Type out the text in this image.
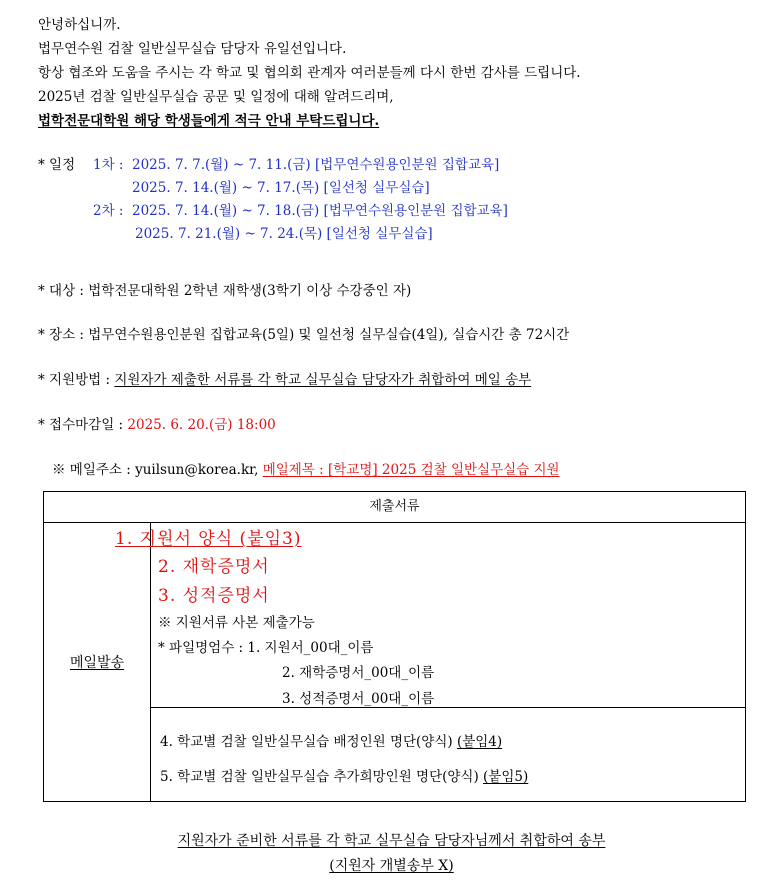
안녕하십니까.
법무연수원 검찰 일반실무실습 담당자 유일선입니다.
항상 협조와 도움을 주시는 각 학교 및 협의회 관계자 여러분들께 다시 한번 감사를 드립니다.
2025년 검찰 일반실무실습 공문 및 일정에 대해 알려드리며,
법학전문대학원 해당 학생들에게 적극 안내 부탁드립니다.
* 일정 1차 : 2025. 7. 7.(월) ~ 7. 11.(금) [법무연수원용인분원 집합교육]
2025. 7. 14.(월) ~ 7. 17.(목) [일선청 실무실습]
2차 : 2025. 7. 14.(월) ~ 7. 18.(금) [법무연수원용인분원 집합교육]
2025. 7. 21.(월) ~ 7. 24.(목) [일선청 실무실습]
* 대상 : 법학전문대학원 2학년 재학생(3학기 이상 수강중인 자)
* 장소 : 법무연수원용인분원 집합교육(5일) 및 일선청 실무실습(4일), 실습시간 총 72시간
* 지원방법 : 지원자가 제출한 서류를 각 학교 실무실습 담당자가 취합하여 메일 송부
* 접수마감일 : 2025. 6. 20.(금) 18:00
※ 메일주소 : yuilsun@korea.kr, 메일제목 : [학교명] 2025 검찰 일반실무실습 지원
제출서류
메일발송
1. 지원서 양식 (붙임3)
2. 재학증명서
3. 성적증명서
※ 지원서류 사본 제출가능
* 파일명엄수 : 1. 지원서_00대_이름
2. 재학증명서_00대_이름
3. 성적증명서_00대_이름
4. 학교별 검찰 일반실무실습 배정인원 명단(양식) (붙임4)
5. 학교별 검찰 일반실무실습 추가희망인원 명단(양식) (붙임5)
지원자가 준비한 서류를 각 학교 실무실습 담당자님께서 취합하여 송부
(지원자 개별송부 X)
